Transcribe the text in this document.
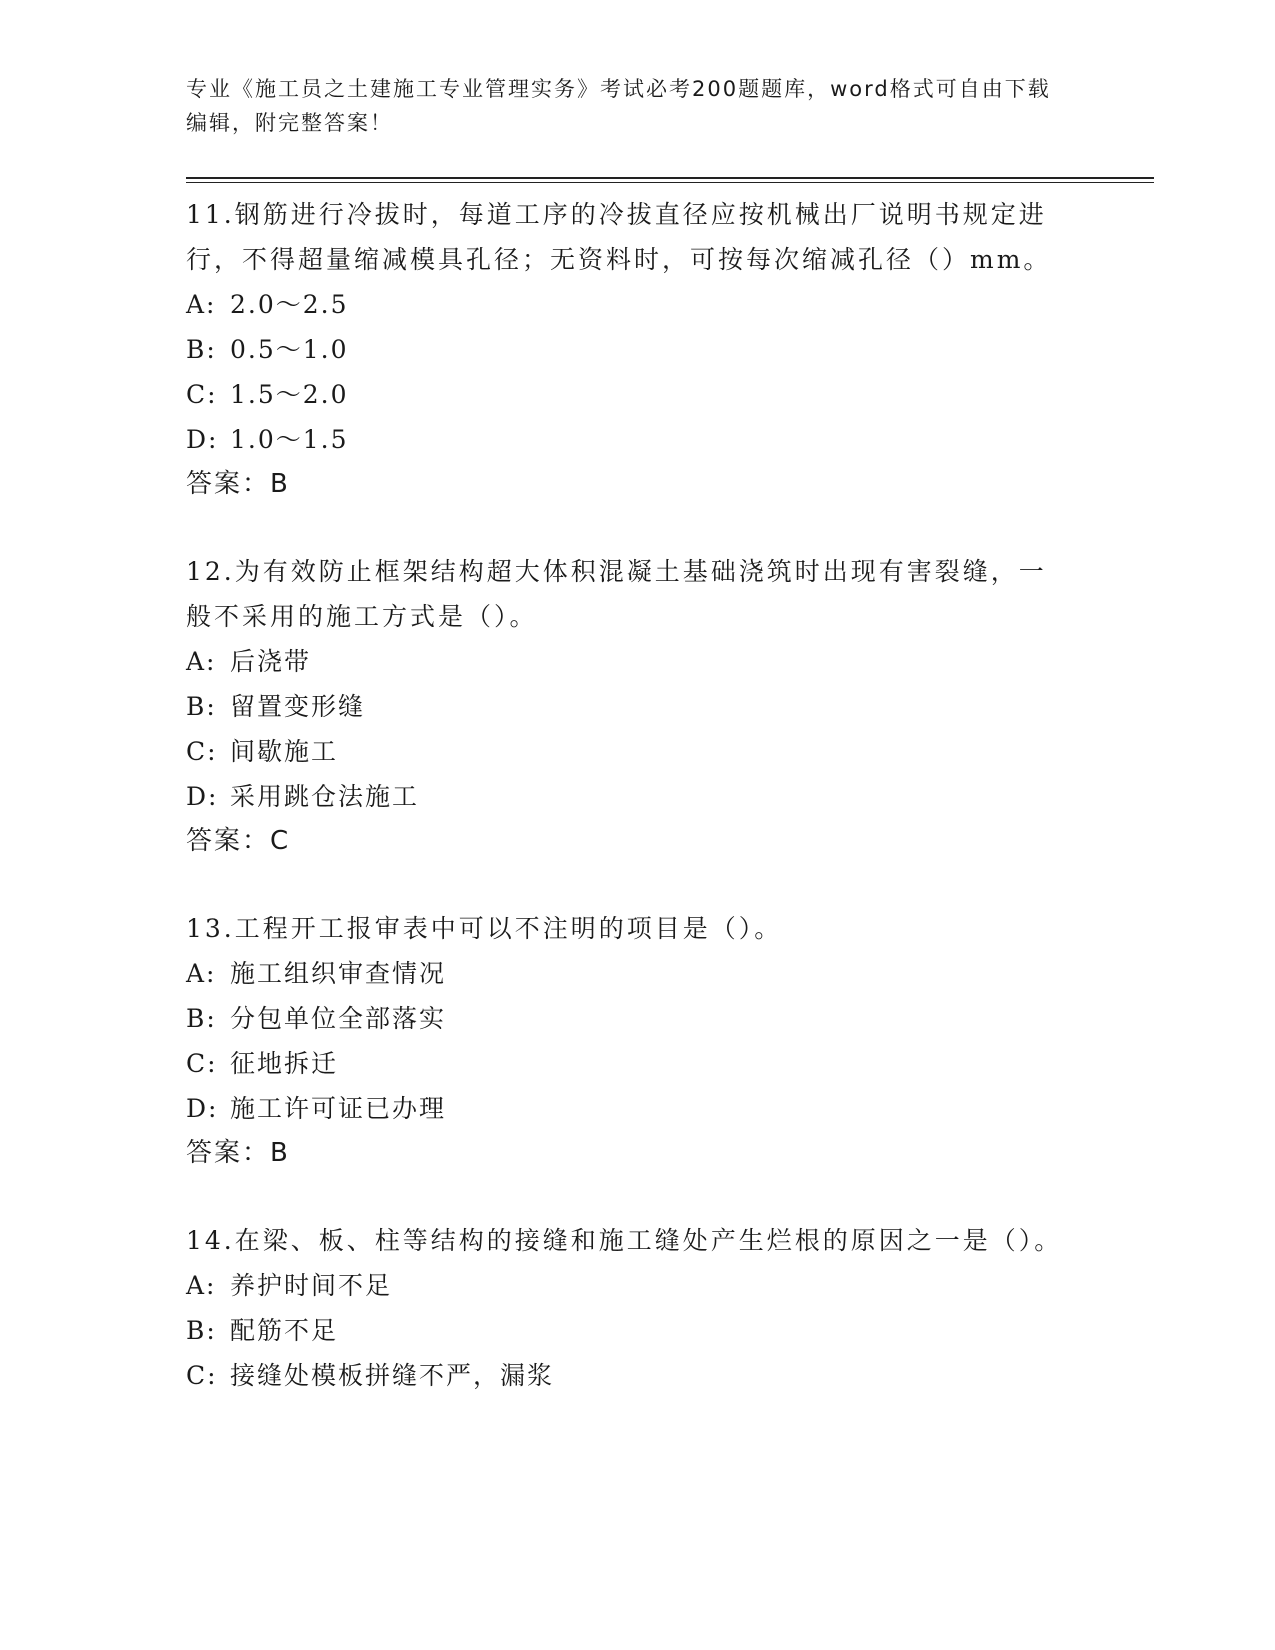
专业《施工员之土建施工专业管理实务》考试必考200题题库，word格式可自由下载编辑，附完整答案！
11.钢筋进行冷拔时，每道工序的冷拔直径应按机械出厂说明书规定进行，不得超量缩减模具孔径；无资料时，可按每次缩减孔径（）mm。
A: 2.0～2.5
B: 0.5～1.0
C: 1.5～2.0
D: 1.0～1.5
答案：B
12.为有效防止框架结构超大体积混凝土基础浇筑时出现有害裂缝，一般不采用的施工方式是（）。
A: 后浇带
B: 留置变形缝
C: 间歇施工
D: 采用跳仓法施工
答案：C
13.工程开工报审表中可以不注明的项目是（）。
A: 施工组织审查情况
B: 分包单位全部落实
C: 征地拆迁
D: 施工许可证已办理
答案：B
14.在梁、板、柱等结构的接缝和施工缝处产生烂根的原因之一是（）。
A: 养护时间不足
B: 配筋不足
C: 接缝处模板拼缝不严，漏浆
